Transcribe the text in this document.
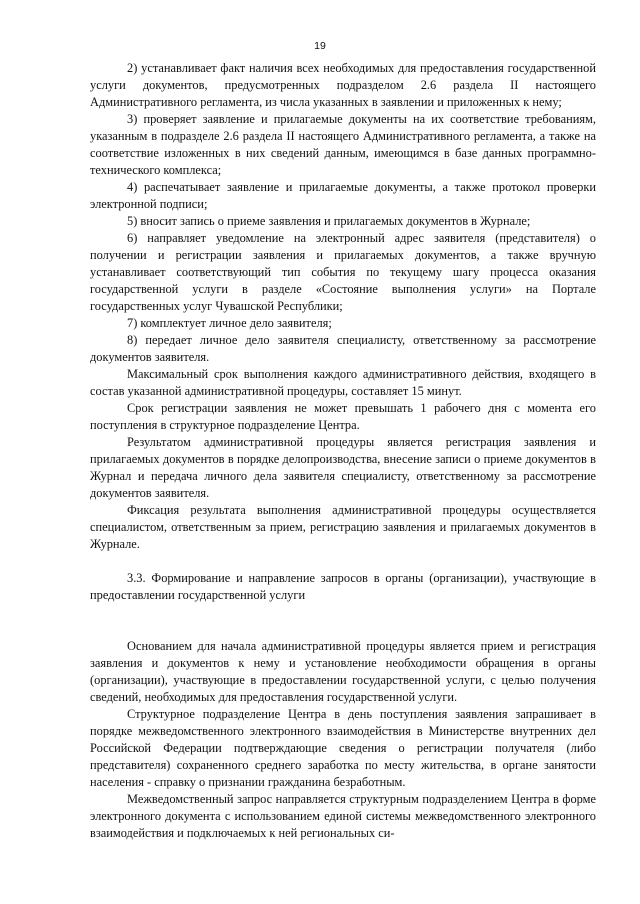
19

2) устанавливает факт наличия всех необходимых для предоставления государственной услуги документов, предусмотренных подразделом 2.6 раздела II настоящего Административного регламента, из числа указанных в заявлении и приложенных к нему;

3) проверяет заявление и прилагаемые документы на их соответствие требованиям, указанным в подразделе 2.6 раздела II настоящего Административного регламента, а также на соответствие изложенных в них сведений данным, имеющимся в базе данных программно-технического комплекса;

4) распечатывает заявление и прилагаемые документы, а также протокол проверки электронной подписи;

5) вносит запись о приеме заявления и прилагаемых документов в Журнале;

6) направляет уведомление на электронный адрес заявителя (представителя) о получении и регистрации заявления и прилагаемых документов, а также вручную устанавливает соответствующий тип события по текущему шагу процесса оказания государственной услуги в разделе «Состояние выполнения услуги» на Портале государственных услуг Чувашской Республики;

7) комплектует личное дело заявителя;

8) передает личное дело заявителя специалисту, ответственному за рассмотрение документов заявителя.

Максимальный срок выполнения каждого административного действия, входящего в состав указанной административной процедуры, составляет 15 минут.

Срок регистрации заявления не может превышать 1 рабочего дня с момента его поступления в структурное подразделение Центра.

Результатом административной процедуры является регистрация заявления и прилагаемых документов в порядке делопроизводства, внесение записи о приеме документов в Журнал и передача личного дела заявителя специалисту, ответственному за рассмотрение документов заявителя.

Фиксация результата выполнения административной процедуры осуществляется специалистом, ответственным за прием, регистрацию заявления и прилагаемых документов в Журнале.

3.3. Формирование и направление запросов в органы (организации), участвующие в предоставлении государственной услуги

Основанием для начала административной процедуры является прием и регистрация заявления и документов к нему и установление необходимости обращения в органы (организации), участвующие в предоставлении государственной услуги, с целью получения сведений, необходимых для предоставления государственной услуги.

Структурное подразделение Центра в день поступления заявления запрашивает в порядке межведомственного электронного взаимодействия в Министерстве внутренних дел Российской Федерации подтверждающие сведения о регистрации получателя (либо представителя) сохраненного среднего заработка по месту жительства, в органе занятости населения - справку о признании гражданина безработным.

Межведомственный запрос направляется структурным подразделением Центра в форме электронного документа с использованием единой системы межведомственного электронного взаимодействия и подключаемых к ней региональных си-
